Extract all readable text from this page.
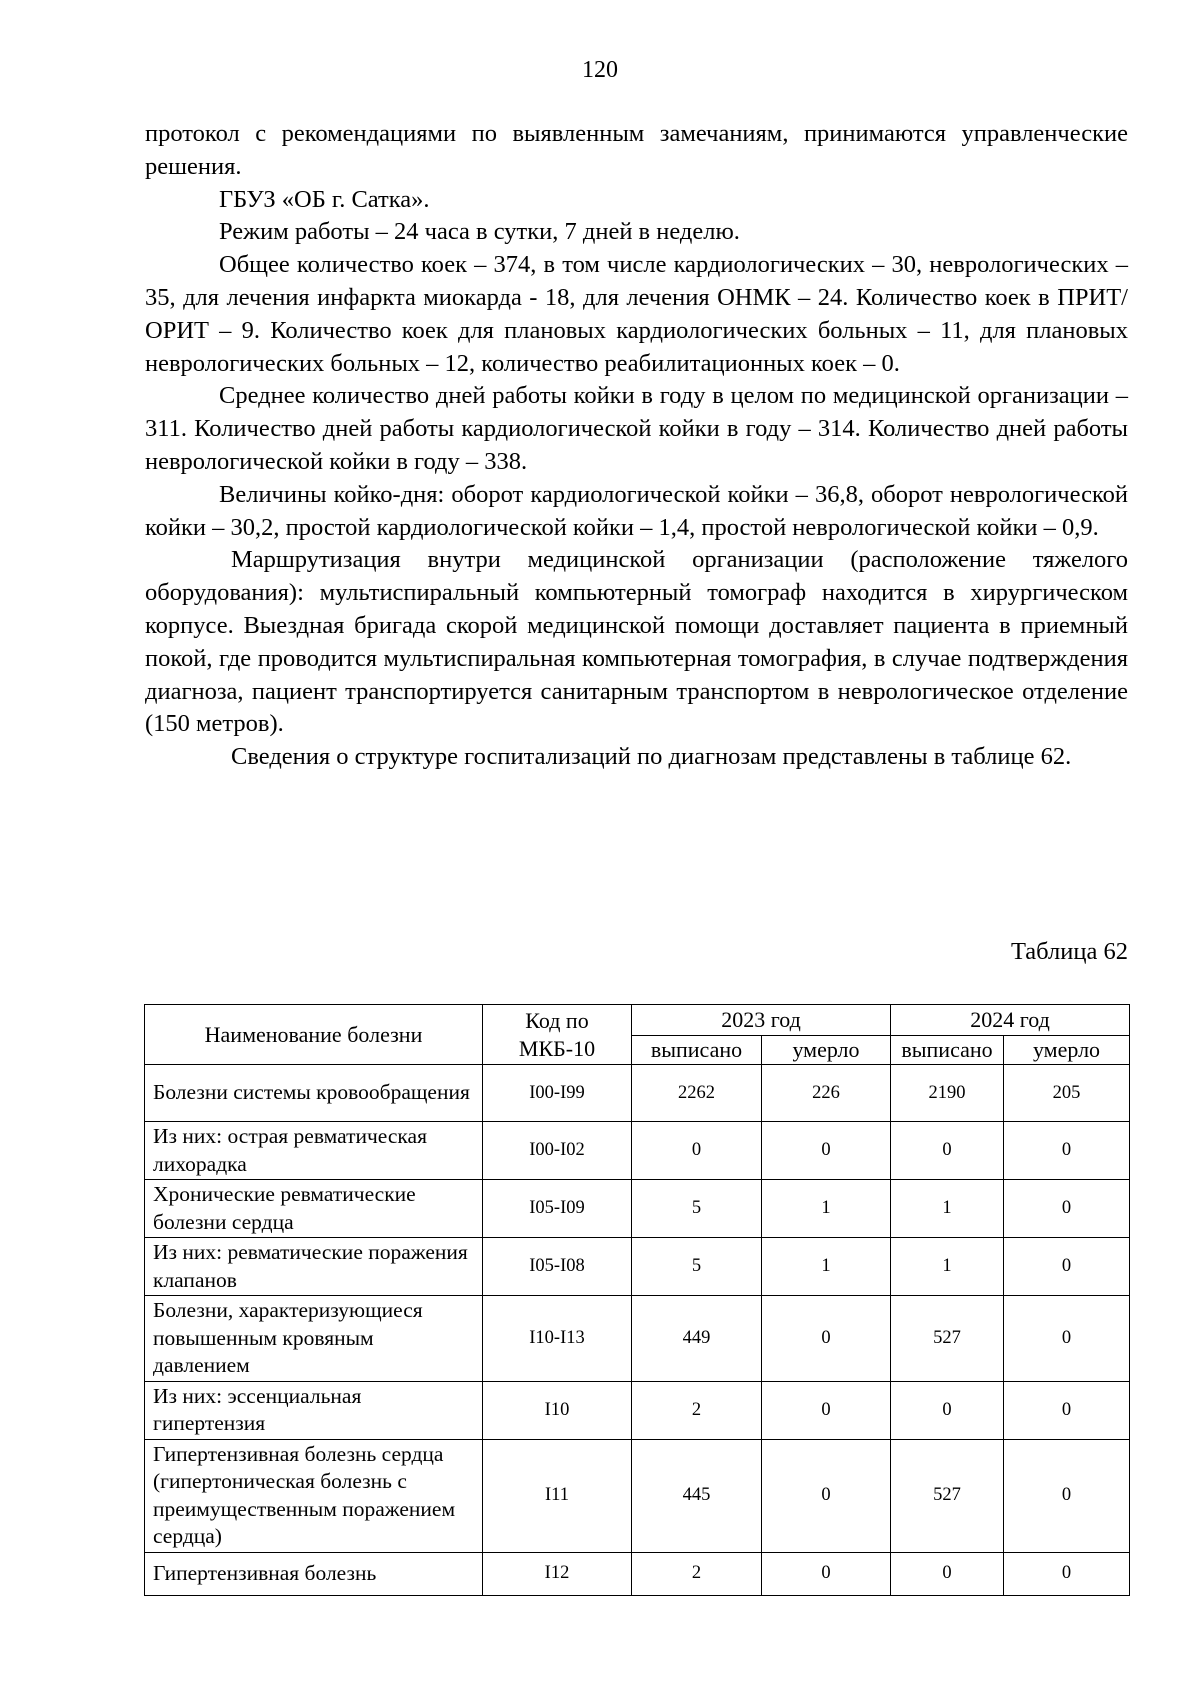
120

протокол с рекомендациями по выявленным замечаниям, принимаются управленческие решения.

ГБУЗ «ОБ г. Сатка».

Режим работы – 24 часа в сутки, 7 дней в неделю.

Общее количество коек – 374, в том числе кардиологических – 30, неврологических – 35, для лечения инфаркта миокарда - 18, для лечения ОНМК – 24. Количество коек в ПРИТ/ОРИТ – 9. Количество коек для плановых кардиологических больных – 11, для плановых неврологических больных – 12, количество реабилитационных коек – 0.

Среднее количество дней работы койки в году в целом по медицинской организации – 311. Количество дней работы кардиологической койки в году – 314. Количество дней работы неврологической койки в году – 338.

Величины койко-дня: оборот кардиологической койки – 36,8, оборот неврологической койки – 30,2, простой кардиологической койки – 1,4, простой неврологической койки – 0,9.

Маршрутизация внутри медицинской организации (расположение тяжелого оборудования): мультиспиральный компьютерный томограф находится в хирургическом корпусе. Выездная бригада скорой медицинской помощи доставляет пациента в приемный покой, где проводится мультиспиральная компьютерная томография, в случае подтверждения диагноза, пациент транспортируется санитарным транспортом в неврологическое отделение (150 метров).

Сведения о структуре госпитализаций по диагнозам представлены в таблице 62.

Таблица 62
Наименование болезни	Код по МКБ-10	2023 год		2024 год	
		выписано	умерло	выписано	умерло
Болезни системы кровообращения	I00-I99	2262	226	2190	205
Из них: острая ревматическая лихорадка	I00-I02	0	0	0	0
Хронические ревматические болезни сердца	I05-I09	5	1	1	0
Из них: ревматические поражения клапанов	I05-I08	5	1	1	0
Болезни, характеризующиеся повышенным кровяным давлением	I10-I13	449	0	527	0
Из них: эссенциальная гипертензия	I10	2	0	0	0
Гипертензивная болезнь сердца (гипертоническая болезнь с преимущественным поражением сердца)	I11	445	0	527	0
Гипертензивная болезнь	I12	2	0	0	0
